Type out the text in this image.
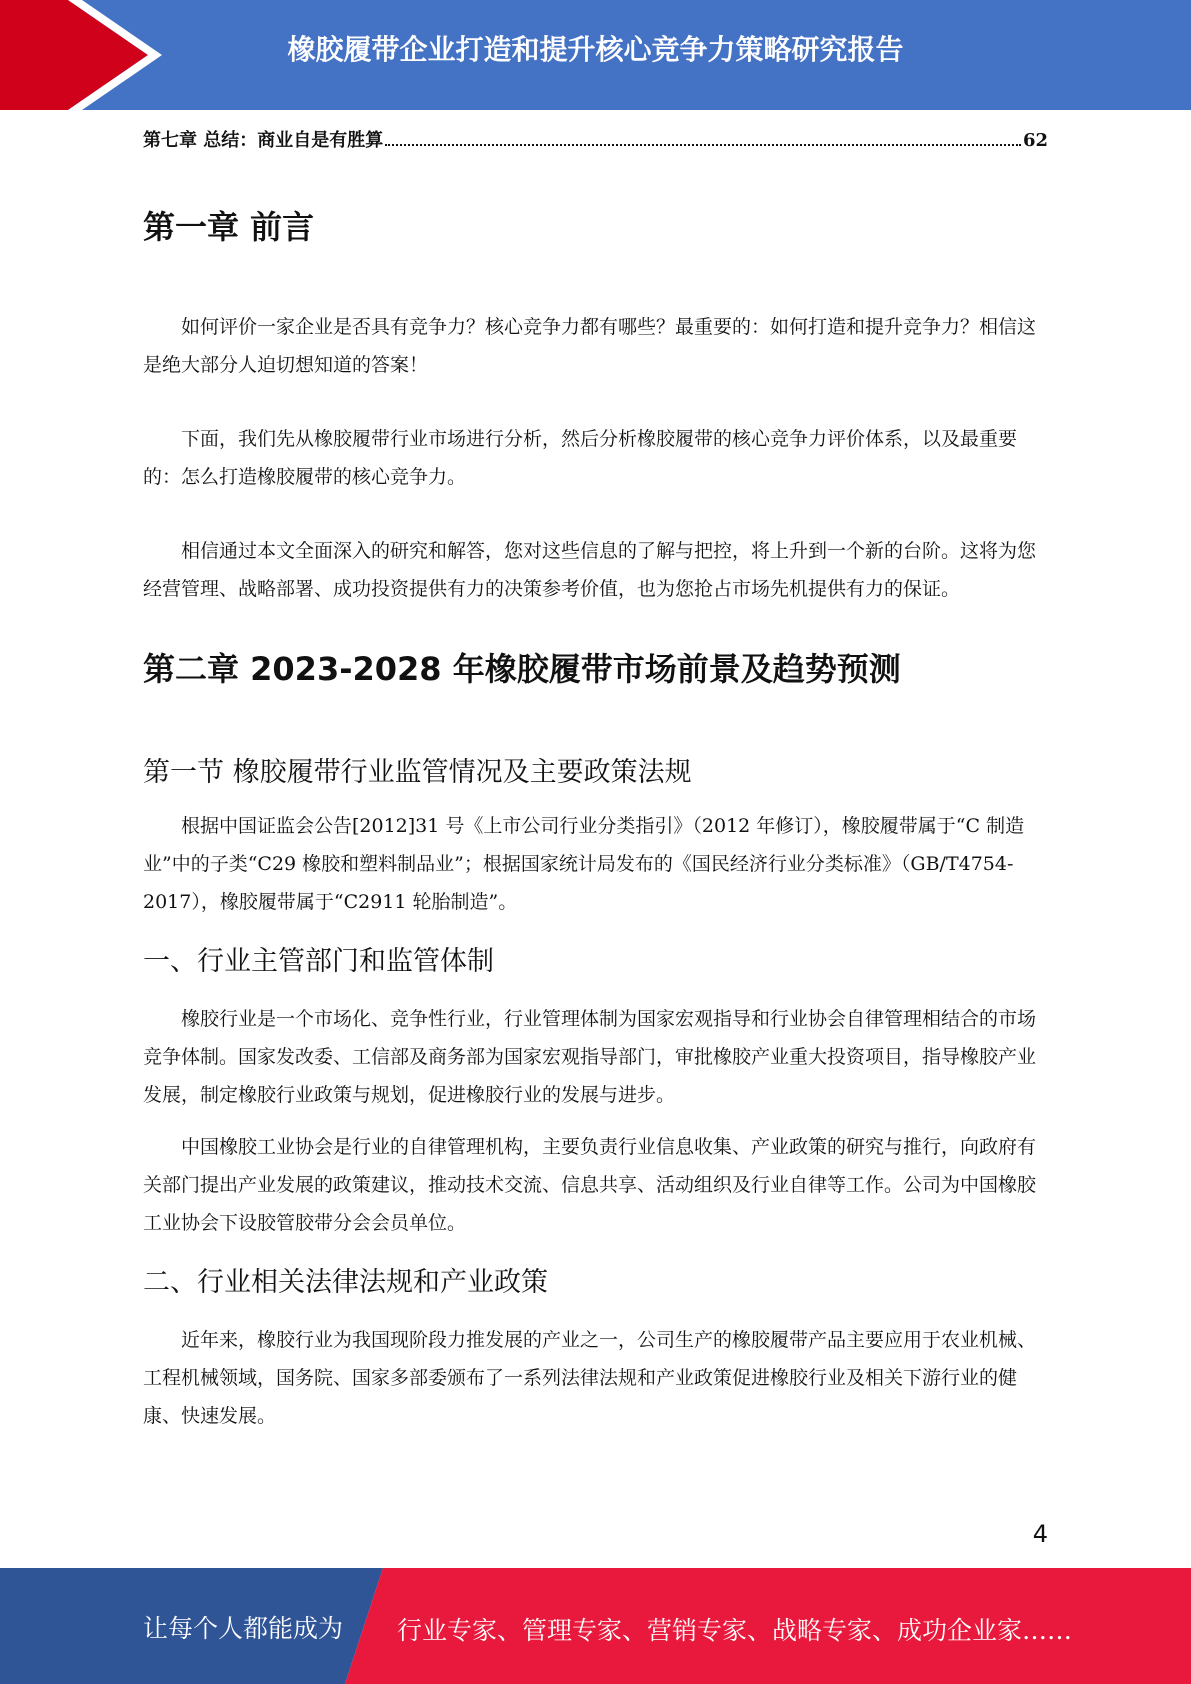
橡胶履带企业打造和提升核心竞争力策略研究报告
第七章 总结：商业自是有胜算	62
第一章 前言

如何评价一家企业是否具有竞争力？核心竞争力都有哪些？最重要的：如何打造和提升竞争力？相信这是绝大部分人迫切想知道的答案！

下面，我们先从橡胶履带行业市场进行分析，然后分析橡胶履带的核心竞争力评价体系，以及最重要的：怎么打造橡胶履带的核心竞争力。

相信通过本文全面深入的研究和解答，您对这些信息的了解与把控，将上升到一个新的台阶。这将为您经营管理、战略部署、成功投资提供有力的决策参考价值，也为您抢占市场先机提供有力的保证。

第二章 2023-2028 年橡胶履带市场前景及趋势预测
第一节 橡胶履带行业监管情况及主要政策法规

根据中国证监会公告[2012]31 号《上市公司行业分类指引》（2012 年修订），橡胶履带属于“C 制造业”中的子类“C29 橡胶和塑料制品业”；根据国家统计局发布的《国民经济行业分类标准》（GB/T4754-2017），橡胶履带属于“C2911 轮胎制造”。

一、行业主管部门和监管体制

橡胶行业是一个市场化、竞争性行业，行业管理体制为国家宏观指导和行业协会自律管理相结合的市场竞争体制。国家发改委、工信部及商务部为国家宏观指导部门，审批橡胶产业重大投资项目，指导橡胶产业发展，制定橡胶行业政策与规划，促进橡胶行业的发展与进步。

中国橡胶工业协会是行业的自律管理机构，主要负责行业信息收集、产业政策的研究与推行，向政府有关部门提出产业发展的政策建议，推动技术交流、信息共享、活动组织及行业自律等工作。公司为中国橡胶工业协会下设胶管胶带分会会员单位。

二、行业相关法律法规和产业政策

近年来，橡胶行业为我国现阶段力推发展的产业之一，公司生产的橡胶履带产品主要应用于农业机械、工程机械领域，国务院、国家多部委颁布了一系列法律法规和产业政策促进橡胶行业及相关下游行业的健康、快速发展。

4
让每个人都能成为 行业专家、管理专家、营销专家、战略专家、成功企业家……
